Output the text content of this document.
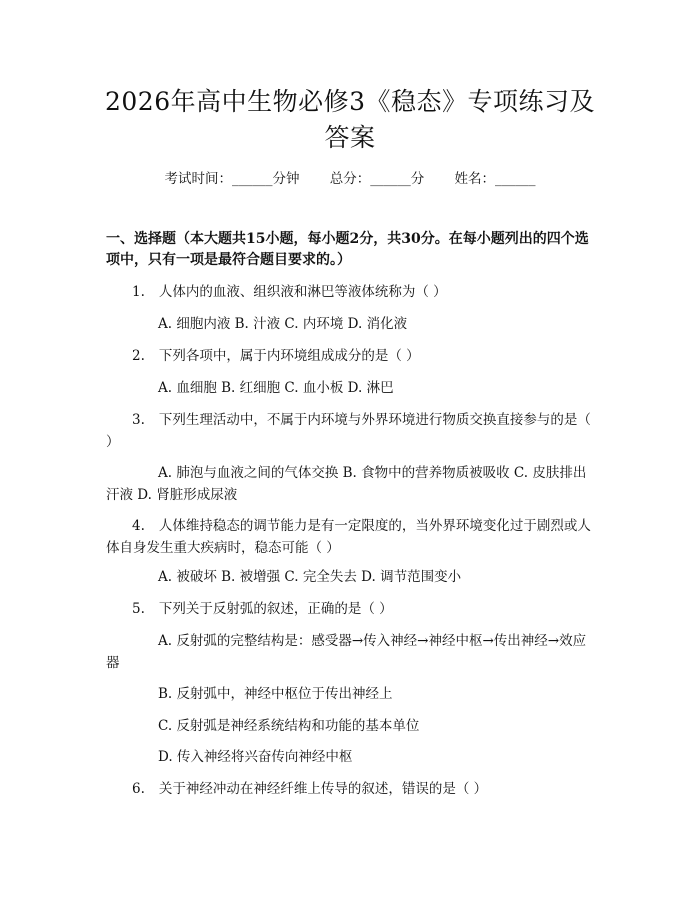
2026年高中生物必修3《稳态》专项练习及答案
考试时间：______分钟 总分：______分 姓名：______
一、选择题（本大题共15小题，每小题2分，共30分。在每小题列出的四个选项中，只有一项是最符合题目要求的。）
1. 人体内的血液、组织液和淋巴等液体统称为（ ）
A. 细胞内液 B. 汁液 C. 内环境 D. 消化液
2. 下列各项中，属于内环境组成成分的是（ ）
A. 血细胞 B. 红细胞 C. 血小板 D. 淋巴
3. 下列生理活动中，不属于内环境与外界环境进行物质交换直接参与的是（ ）
A. 肺泡与血液之间的气体交换 B. 食物中的营养物质被吸收 C. 皮肤排出汗液 D. 肾脏形成尿液
4. 人体维持稳态的调节能力是有一定限度的，当外界环境变化过于剧烈或人体自身发生重大疾病时，稳态可能（ ）
A. 被破坏 B. 被增强 C. 完全失去 D. 调节范围变小
5. 下列关于反射弧的叙述，正确的是（ ）
A. 反射弧的完整结构是：感受器→传入神经→神经中枢→传出神经→效应器
B. 反射弧中，神经中枢位于传出神经上
C. 反射弧是神经系统结构和功能的基本单位
D. 传入神经将兴奋传向神经中枢
6. 关于神经冲动在神经纤维上传导的叙述，错误的是（ ）
